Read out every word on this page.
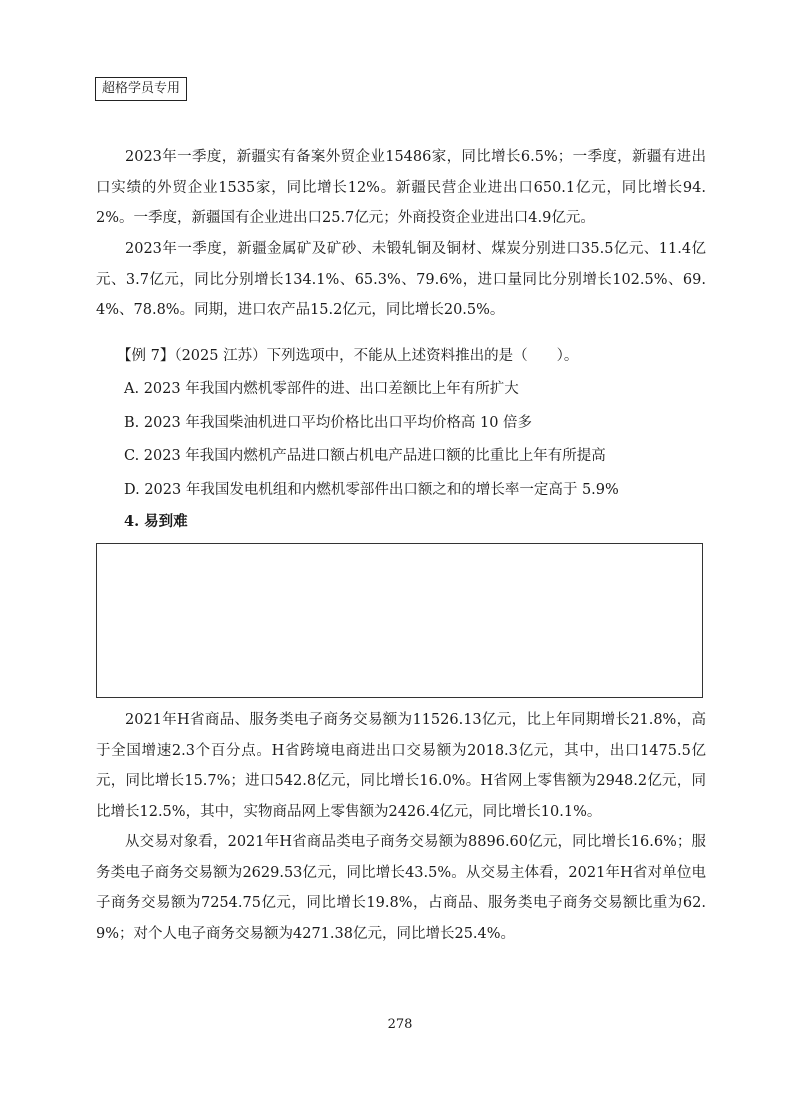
超格学员专用

2023年一季度，新疆实有备案外贸企业15486家，同比增长6.5%；一季度，新疆有进出口实绩的外贸企业1535家，同比增长12%。新疆民营企业进出口650.1亿元，同比增长94.2%。一季度，新疆国有企业进出口25.7亿元；外商投资企业进出口4.9亿元。

2023年一季度，新疆金属矿及矿砂、未锻轧铜及铜材、煤炭分别进口35.5亿元、11.4亿元、3.7亿元，同比分别增长134.1%、65.3%、79.6%，进口量同比分别增长102.5%、69.4%、78.8%。同期，进口农产品15.2亿元，同比增长20.5%。

【例 7】（2025 江苏）下列选项中，不能从上述资料推出的是（　　）。

A. 2023 年我国内燃机零部件的进、出口差额比上年有所扩大

B. 2023 年我国柴油机进口平均价格比出口平均价格高 10 倍多

C. 2023 年我国内燃机产品进口额占机电产品进口额的比重比上年有所提高

D. 2023 年我国发电机组和内燃机零部件出口额之和的增长率一定高于 5.9%

4. 易到难

2021年H省商品、服务类电子商务交易额为11526.13亿元，比上年同期增长21.8%，高于全国增速2.3个百分点。H省跨境电商进出口交易额为2018.3亿元，其中，出口1475.5亿元，同比增长15.7%；进口542.8亿元，同比增长16.0%。H省网上零售额为2948.2亿元，同比增长12.5%，其中，实物商品网上零售额为2426.4亿元，同比增长10.1%。

从交易对象看，2021年H省商品类电子商务交易额为8896.60亿元，同比增长16.6%；服务类电子商务交易额为2629.53亿元，同比增长43.5%。从交易主体看，2021年H省对单位电子商务交易额为7254.75亿元，同比增长19.8%，占商品、服务类电子商务交易额比重为62.9%；对个人电子商务交易额为4271.38亿元，同比增长25.4%。

278
